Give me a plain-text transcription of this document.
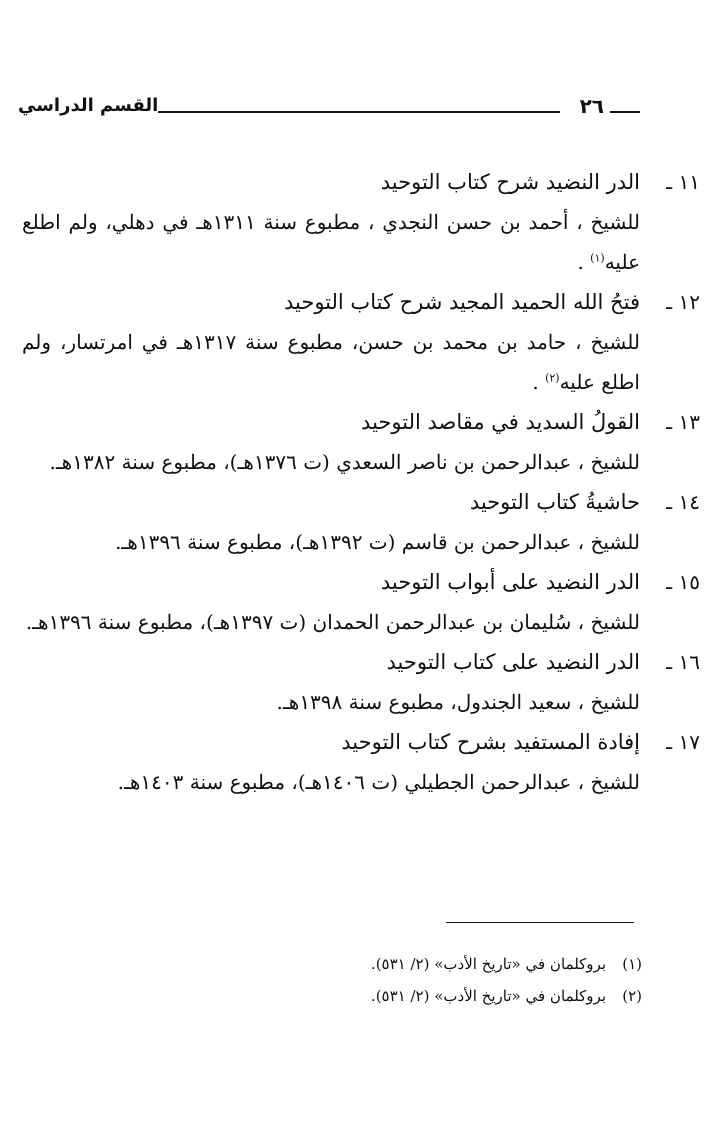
٢٦
القسم الدراسي
١١ ـ
الدر النضيد شرح كتاب التوحيد
للشيخ ، أحمد بن حسن النجدي ، مطبوع سنة ١٣١١هـ في دهلي، ولم اطلع عليه$^{(١)}$ .
١٢ ـ
فتحُ الله الحميد المجيد شرح كتاب التوحيد
للشيخ ، حامد بن محمد بن حسن، مطبوع سنة ١٣١٧هـ في امرتسار، ولم اطلع عليه$^{(٢)}$ .
١٣ ـ
القولُ السديد في مقاصد التوحيد
للشيخ ، عبدالرحمن بن ناصر السعدي (ت ١٣٧٦هـ)، مطبوع سنة ١٣٨٢هـ.
١٤ ـ
حاشيةُ كتاب التوحيد
للشيخ ، عبدالرحمن بن قاسم (ت ١٣٩٢هـ)، مطبوع سنة ١٣٩٦هـ.
١٥ ـ
الدر النضيد على أبواب التوحيد
للشيخ ، سُليمان بن عبدالرحمن الحمدان (ت ١٣٩٧هـ)، مطبوع سنة ١٣٩٦هـ.
١٦ ـ
الدر النضيد على كتاب التوحيد
للشيخ ، سعيد الجندول، مطبوع سنة ١٣٩٨هـ.
١٧ ـ
إفادة المستفيد بشرح كتاب التوحيد
للشيخ ، عبدالرحمن الجطيلي (ت ١٤٠٦هـ)، مطبوع سنة ١٤٠٣هـ.
(١)
بروكلمان في «تاريخ الأدب» (٢/ ٥٣١).
(٢)
بروكلمان في «تاريخ الأدب» (٢/ ٥٣١).
